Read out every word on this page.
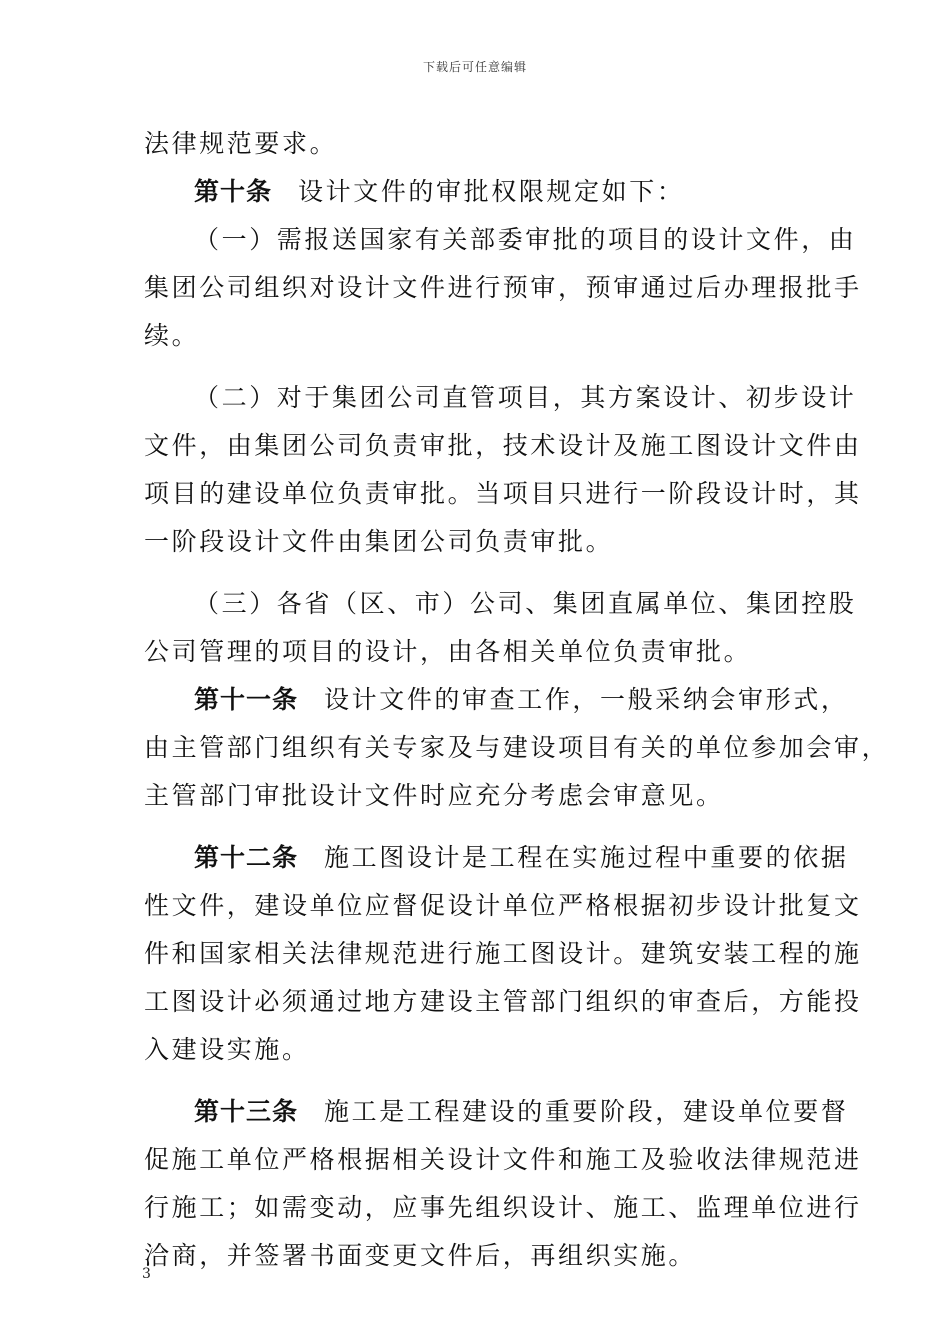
下载后可任意编辑
法律规范要求。
第十条 设计文件的审批权限规定如下：
（一）需报送国家有关部委审批的项目的设计文件，由
集团公司组织对设计文件进行预审，预审通过后办理报批手
续。
（二）对于集团公司直管项目，其方案设计、初步设计
文件，由集团公司负责审批，技术设计及施工图设计文件由
项目的建设单位负责审批。当项目只进行一阶段设计时，其
一阶段设计文件由集团公司负责审批。
（三）各省（区、市）公司、集团直属单位、集团控股
公司管理的项目的设计，由各相关单位负责审批。
第十一条 设计文件的审查工作，一般采纳会审形式，
由主管部门组织有关专家及与建设项目有关的单位参加会审，
主管部门审批设计文件时应充分考虑会审意见。
第十二条 施工图设计是工程在实施过程中重要的依据
性文件，建设单位应督促设计单位严格根据初步设计批复文
件和国家相关法律规范进行施工图设计。建筑安装工程的施
工图设计必须通过地方建设主管部门组织的审查后，方能投
入建设实施。
第十三条 施工是工程建设的重要阶段，建设单位要督
促施工单位严格根据相关设计文件和施工及验收法律规范进
行施工；如需变动，应事先组织设计、施工、监理单位进行
洽商，并签署书面变更文件后，再组织实施。
3
